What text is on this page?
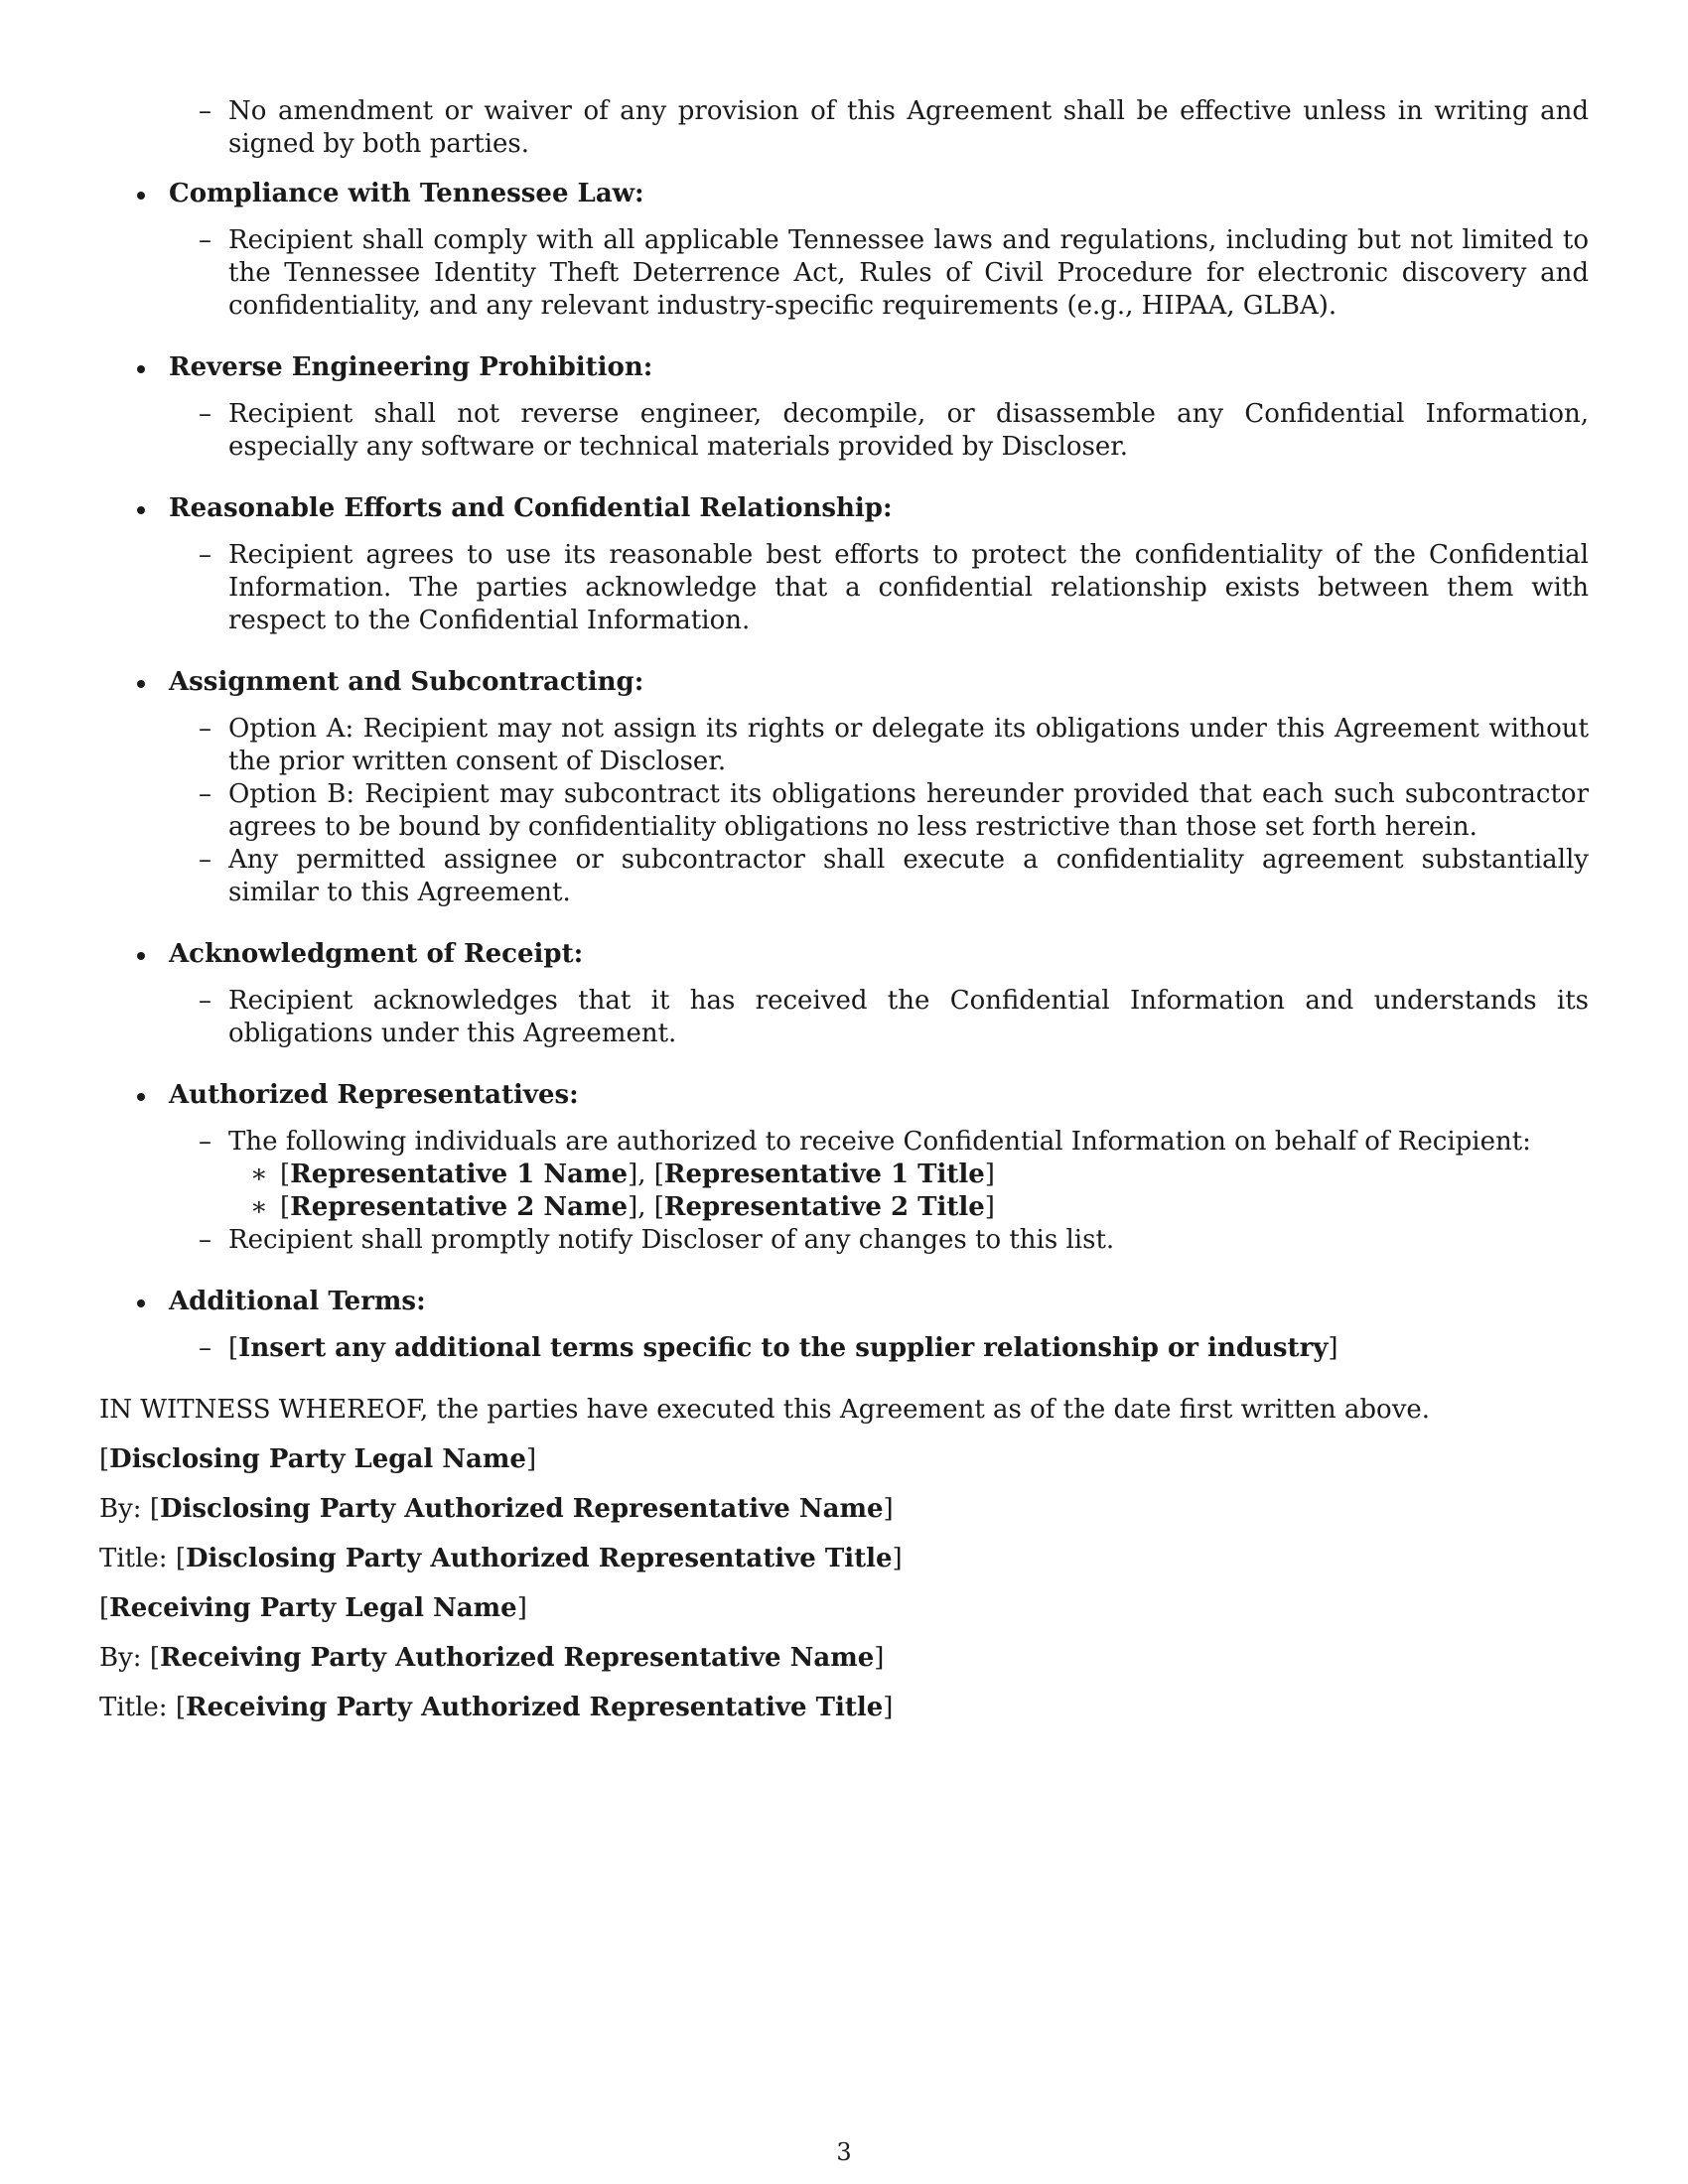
– No amendment or waiver of any provision of this Agreement shall be effective unless in writing and signed by both parties.
Compliance with Tennessee Law:
– Recipient shall comply with all applicable Tennessee laws and regulations, including but not limited to the Tennessee Identity Theft Deterrence Act, Rules of Civil Procedure for electronic discovery and confidentiality, and any relevant industry-specific requirements (e.g., HIPAA, GLBA).
Reverse Engineering Prohibition:
– Recipient shall not reverse engineer, decompile, or disassemble any Confidential Information, especially any software or technical materials provided by Discloser.
Reasonable Efforts and Confidential Relationship:
– Recipient agrees to use its reasonable best efforts to protect the confidentiality of the Confidential Information. The parties acknowledge that a confidential relationship exists between them with respect to the Confidential Information.
Assignment and Subcontracting:
– Option A: Recipient may not assign its rights or delegate its obligations under this Agreement without the prior written consent of Discloser.
– Option B: Recipient may subcontract its obligations hereunder provided that each such subcontractor agrees to be bound by confidentiality obligations no less restrictive than those set forth herein.
– Any permitted assignee or subcontractor shall execute a confidentiality agreement substantially similar to this Agreement.
Acknowledgment of Receipt:
– Recipient acknowledges that it has received the Confidential Information and understands its obligations under this Agreement.
Authorized Representatives:
– The following individuals are authorized to receive Confidential Information on behalf of Recipient:
∗ [Representative 1 Name], [Representative 1 Title]
∗ [Representative 2 Name], [Representative 2 Title]
– Recipient shall promptly notify Discloser of any changes to this list.
Additional Terms:
– [Insert any additional terms specific to the supplier relationship or industry]
IN WITNESS WHEREOF, the parties have executed this Agreement as of the date first written above.
[Disclosing Party Legal Name]
By: [Disclosing Party Authorized Representative Name]
Title: [Disclosing Party Authorized Representative Title]
[Receiving Party Legal Name]
By: [Receiving Party Authorized Representative Name]
Title: [Receiving Party Authorized Representative Title]
3
